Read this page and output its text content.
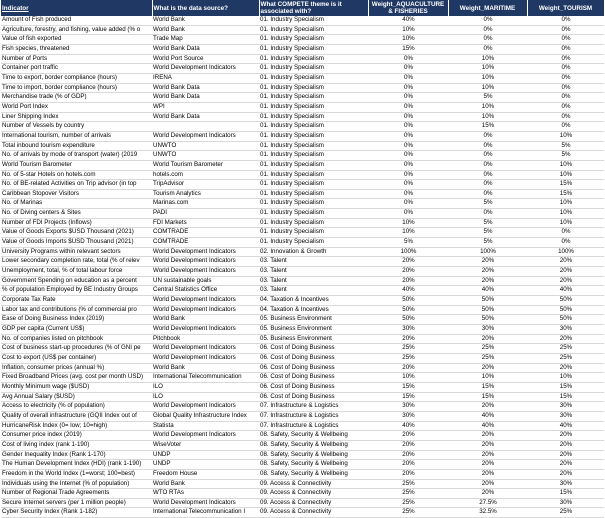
Indicator	What is the data source?	What COMPETE theme is it associated with?	Weight_AQUACULTURE & FISHERIES	Weight_MARITIME	Weight_TOURISM
Amount of Fish produced	World Bank	01. Industry Specialism	40%	0%	0%
Agriculture, forestry, and fishing, value added (% o	World Bank	01. Industry Specialism	10%	0%	0%
Value of fish exported	Trade Map	01. Industry Specialism	10%	0%	0%
Fish species, threatened	World Bank Data	01. Industry Specialism	15%	0%	0%
Number of Ports	World Port Source	01. Industry Specialism	0%	10%	0%
Container port traffic	World Development Indicators	01. Industry Specialism	0%	10%	0%
Time to export, border compliance (hours)	IRENA	01. Industry Specialism	0%	10%	0%
Time to import, border compliance (hours)	World Bank Data	01. Industry Specialism	0%	10%	0%
Merchandise trade (% of GDP)	World Bank Data	01. Industry Specialism	0%	5%	0%
World Port Index	WPI	01. Industry Specialism	0%	10%	0%
Liner Shipping Index	World Bank Data	01. Industry Specialism	0%	10%	0%
Number of Vessels by country		01. Industry Specialism	0%	15%	0%
International tourism, number of arrivals	World Development Indicators	01. Industry Specialism	0%	0%	10%
Total inbound tourism expenditure	UNWTO	01. Industry Specialism	0%	0%	5%
No. of arrivals by mode of transport (water) (2019	UNWTO	01. Industry Specialism	0%	0%	5%
World Tourism Barometer	World Tourism Barometer	01. Industry Specialism	0%	0%	10%
No. of 5-star Hotels on hotels.com	hotels.com	01. Industry Specialism	0%	0%	10%
No. of BE-related Activities on Trip advisor (in top	TripAdvisor	01. Industry Specialism	0%	0%	15%
Caribbean Stopover Visitors	Tourism Analytics	01. Industry Specialism	0%	0%	15%
No. of Marinas	Marinas.com	01. Industry Specialism	0%	5%	10%
No. of Diving centers & Sites	PADI	01. Industry Specialism	0%	0%	10%
Number of FDI Projects (Inflows)	FDI Markets	01. Industry Specialism	10%	5%	10%
Value of Goods Exports $USD Thousand (2021)	COMTRADE	01. Industry Specialism	10%	5%	0%
Value of Goods Imports $USD Thousand (2021)	COMTRADE	01. Industry Specialism	5%	5%	0%
University Programs within relevant sectors	World Development Indicators	02. Innovation & Growth	100%	100%	100%
Lower secondary completion rate, total (% of relev	World Development Indicators	03. Talent	20%	20%	20%
Unemployment, total, % of total labour force	World Development Indicators	03. Talent	20%	20%	20%
Government Spending on education as a percent	UN sustainable goals	03. Talent	20%	20%	20%
% of population Employed by BE Industry Groups	Central Statistics Office	03. Talent	40%	40%	40%
Corporate Tax Rate	World Development Indicators	04. Taxation & Incentives	50%	50%	50%
Labor tax and contributions (% of commercial pro	World Development Indicators	04. Taxation & Incentives	50%	50%	50%
Ease of Doing Business Index (2019)	World Bank	05. Business Environment	50%	50%	50%
GDP per capita (Current US$)	World Development Indicators	05. Business Environment	30%	30%	30%
No. of companies listed on pitchbook	Pitchbook	05. Business Environment	20%	20%	20%
Cost of business start-up procedures (% of GNI pe	World Development Indicators	06. Cost of Doing Business	25%	25%	25%
Cost to export (US$ per container)	World Development Indicators	06. Cost of Doing Business	25%	25%	25%
Inflation, consumer prices (annual %)	World Bank	06. Cost of Doing Business	20%	20%	20%
Fixed Broadband Prices (avg. cost per month USD)	International Telecommunication	06. Cost of Doing Business	10%	10%	10%
Monthly Minimum wage ($USD)	ILO	06. Cost of Doing Business	15%	15%	15%
Avg Annual Salary ($USD)	ILO	06. Cost of Doing Business	15%	15%	15%
Access to electricity (% of population)	World Development Indicators	07. Infrastructure & Logistics	30%	20%	30%
Quality of overall infrastructure (GQII Index out of	Global Quality Infrastructure Index	07. Infrastructure & Logistics	30%	40%	30%
HurricaneRisk Index (0= low; 10=high)	Statista	07. Infrastructure & Logistics	40%	40%	40%
Consumer price index (2019)	World Development Indicators	08. Safety, Security & Wellbeing	20%	20%	20%
Cost of living index (rank 1-190)	WiseVoter	08. Safety, Security & Wellbeing	20%	20%	20%
Gender Inequality Index (Rank 1-170)	UNDP	08. Safety, Security & Wellbeing	20%	20%	20%
The Human Development Index (HDI) (rank 1-190)	UNDP	08. Safety, Security & Wellbeing	20%	20%	20%
Freedom in the World Index (1=worst; 100=best)	Freedom House	08. Safety, Security & Wellbeing	20%	20%	20%
Individuals using the Internet (% of population)	World Bank	09. Access & Connectivity	25%	20%	30%
Number of Regional Trade Agreements	WTO RTAs	09. Access & Connectivity	25%	20%	15%
Secure Internet servers (per 1 million people)	World Development Indicators	09. Access & Connectivity	25%	27.5%	30%
Cyber Security Index (Rank 1-182)	International Telecommunication I	09. Access & Connectivity	25%	32.5%	25%
